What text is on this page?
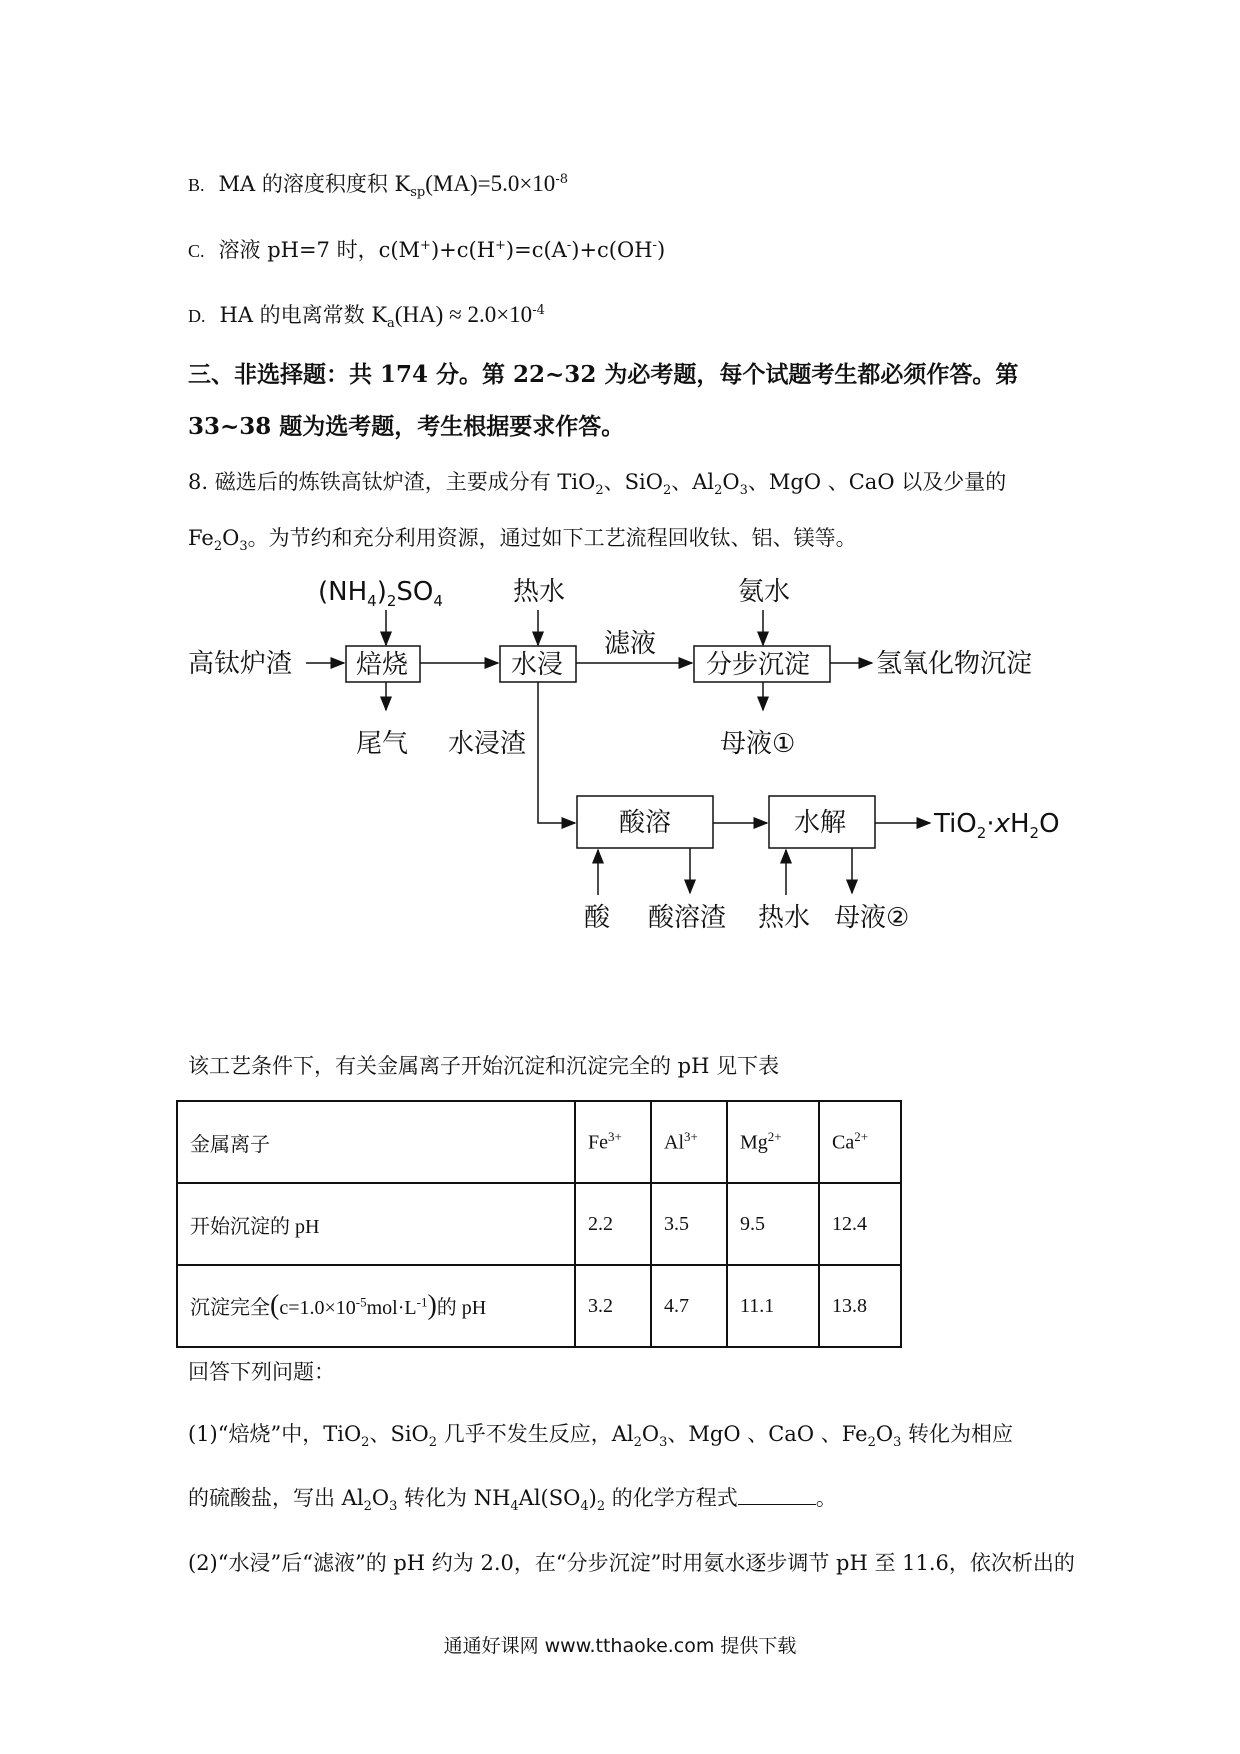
B. MA 的溶度积度积 $K_{sp}(MA)=5.0\times 10^{-8}$
C. 溶液 pH=7 时，c(M+)+c(H+)=c(A-)+c(OH-)
D. HA 的电离常数 $K_a(HA) \approx 2.0\times 10^{-4}$
三、非选择题：共 174 分。第 22~32 为必考题，每个试题考生都必须作答。第
33~38 题为选考题，考生根据要求作答。
8. 磁选后的炼铁高钛炉渣，主要成分有 TiO$_2$、SiO$_2$、$Al_2O_3$、MgO 、CaO 以及少量的
$Fe_2O_3$。为节约和充分利用资源，通过如下工艺流程回收钛、铝、镁等。
$(NH_4)_2SO_4$	热水	氨水
高钛炉渣 焙烧	水浸
滤液
分步沉淀	氢氧化物沉淀
尾气 水浸渣	母液①
酸溶	水解	$TiO_2\cdot xH_2O$
酸 酸溶渣 热水 母液②
该工艺条件下，有关金属离子开始沉淀和沉淀完全的 pH 见下表
金属离子	$Fe^{3+}$	$Al^{3+}$	$Mg^{2+}$	$Ca^{2+}$
开始沉淀的 pH	2.2	3.5	9.5	12.4
沉淀完全$(c=1.0\times 10^{-5}mol\cdot L^{-1})$的 pH	3.2	4.7	11.1	13.8
回答下列问题：
(1)“焙烧”中，TiO$_2$、SiO$_2$ 几乎不发生反应，$Al_2O_3$、MgO 、CaO 、$Fe_2O_3$ 转化为相应
的硫酸盐，写出 $Al_2O_3$ 转化为 $NH_4Al(SO_4)_2$ 的化学方程式	。
(2)“水浸”后“滤液”的 pH 约为 2.0，在“分步沉淀”时用氨水逐步调节 pH 至 11.6，依次析出的
通通好课网 www.tthaoke.com 提供下载
